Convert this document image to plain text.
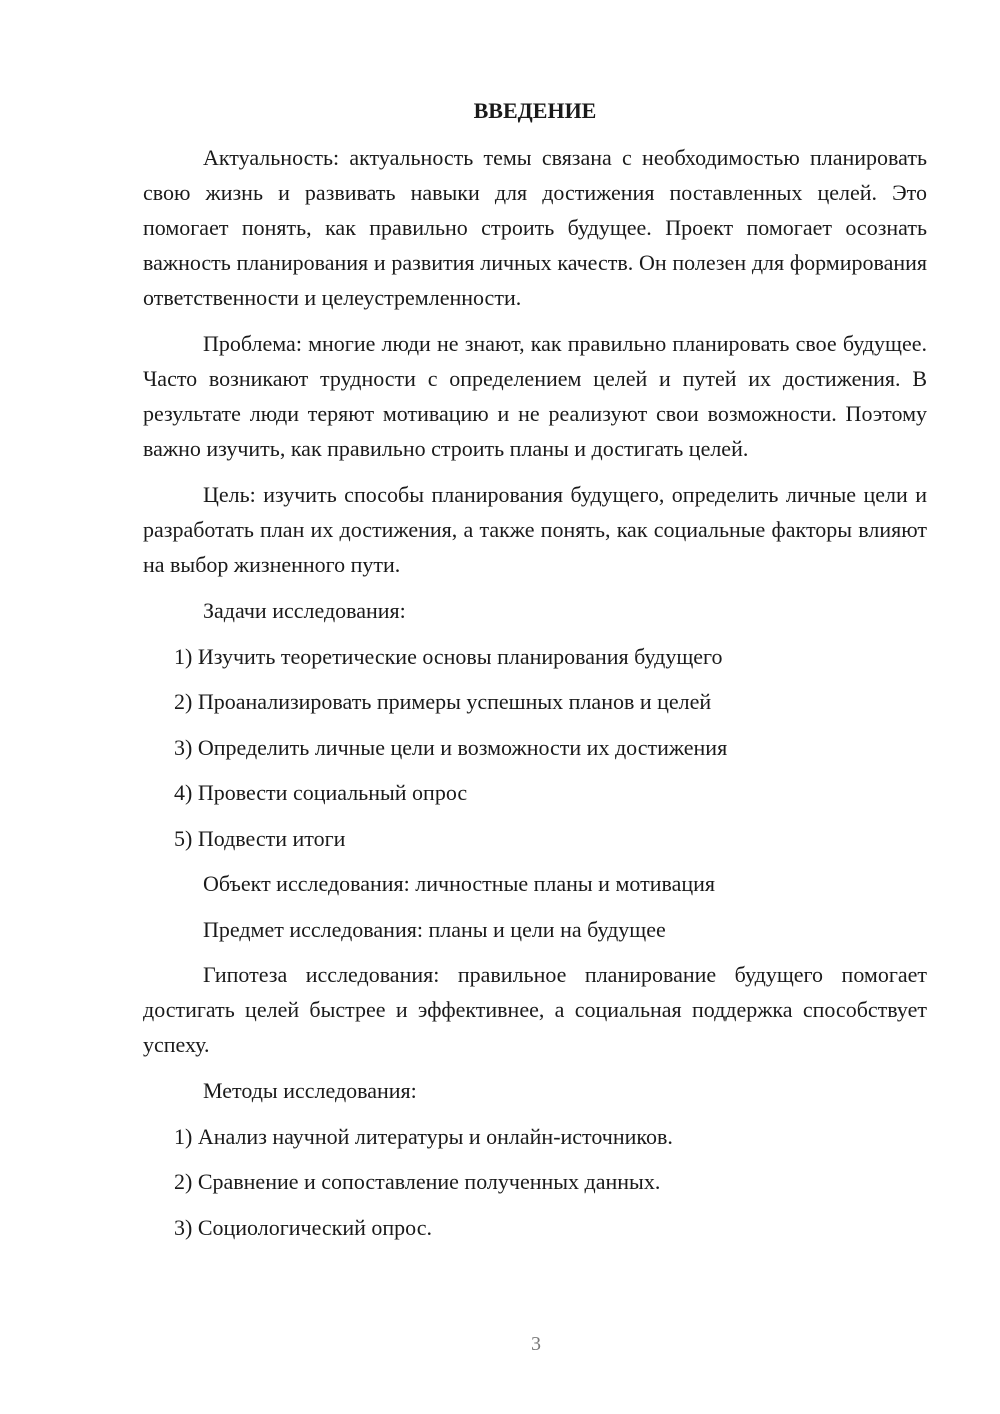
ВВЕДЕНИЕ

Актуальность: актуальность темы связана с необходимостью планировать свою жизнь и развивать навыки для достижения поставленных целей. Это помогает понять, как правильно строить будущее. Проект помогает осознать важность планирования и развития личных качеств. Он полезен для формирования ответственности и целеустремленности.

Проблема: многие люди не знают, как правильно планировать свое будущее. Часто возникают трудности с определением целей и путей их достижения. В результате люди теряют мотивацию и не реализуют свои возможности. Поэтому важно изучить, как правильно строить планы и достигать целей.

Цель: изучить способы планирования будущего, определить личные цели и разработать план их достижения, а также понять, как социальные факторы влияют на выбор жизненного пути.

Задачи исследования:

1) Изучить теоретические основы планирования будущего
2) Проанализировать примеры успешных планов и целей
3) Определить личные цели и возможности их достижения
4) Провести социальный опрос
5) Подвести итоги

Объект исследования: личностные планы и мотивация

Предмет исследования: планы и цели на будущее

Гипотеза исследования: правильное планирование будущего помогает достигать целей быстрее и эффективнее, а социальная поддержка способствует успеху.

Методы исследования:

1) Анализ научной литературы и онлайн-источников.
2) Сравнение и сопоставление полученных данных.
3) Социологический опрос.
3
